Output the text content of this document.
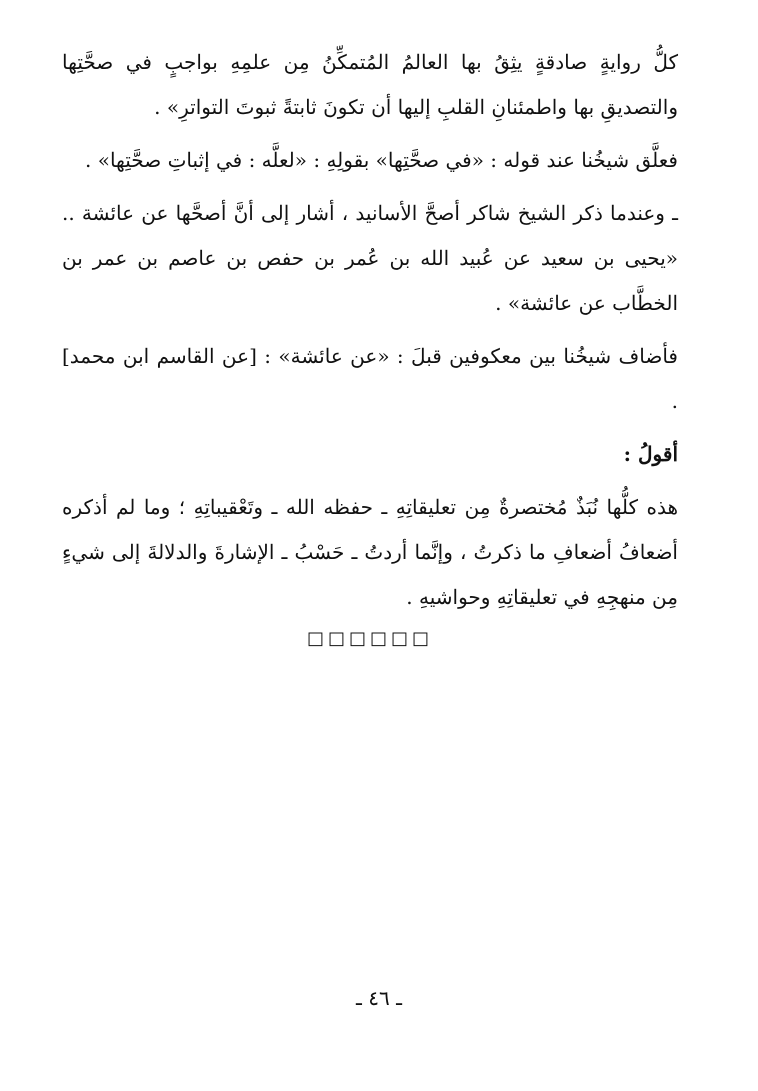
كلُّ روايةٍ صادقةٍ يثِقُ بها العالمُ المُتمكِّنُ مِن علمِهِ بواجبٍ في صحَّتِها والتصديقِ بها واطمئنانِ القلبِ إليها أن تكونَ ثابتةً ثبوتَ التواترِ» .

فعلَّق شيخُنا عند قوله : «في صحَّتِها» بقولِهِ : «لعلَّه : في إثباتِ صحَّتِها» .

ـ وعندما ذكر الشيخ شاكر أصحَّ الأسانيد ، أشار إلى أنَّ أصحَّها عن عائشة .. «يحيى بن سعيد عن عُبيد الله بن عُمر بن حفص بن عاصم بن عمر بن الخطَّاب عن عائشة» .

فأضاف شيخُنا بين معكوفين قبلَ : «عن عائشة» : [عن القاسم ابن محمد] .

أقولُ :

هذه كلُّها نُبَذٌ مُختصرةٌ مِن تعليقاتِهِ ـ حفظه الله ـ وتَعْقيباتِهِ ؛ وما لم أذكره أضعافُ أضعافِ ما ذكرتُ ، وإنَّما أردتُ ـ حَسْبُ ـ الإشارةَ والدلالةَ إلى شيءٍ مِن منهجِهِ في تعليقاتِهِ وحواشيهِ .

□□□□□□
ـ ٤٦ ـ
